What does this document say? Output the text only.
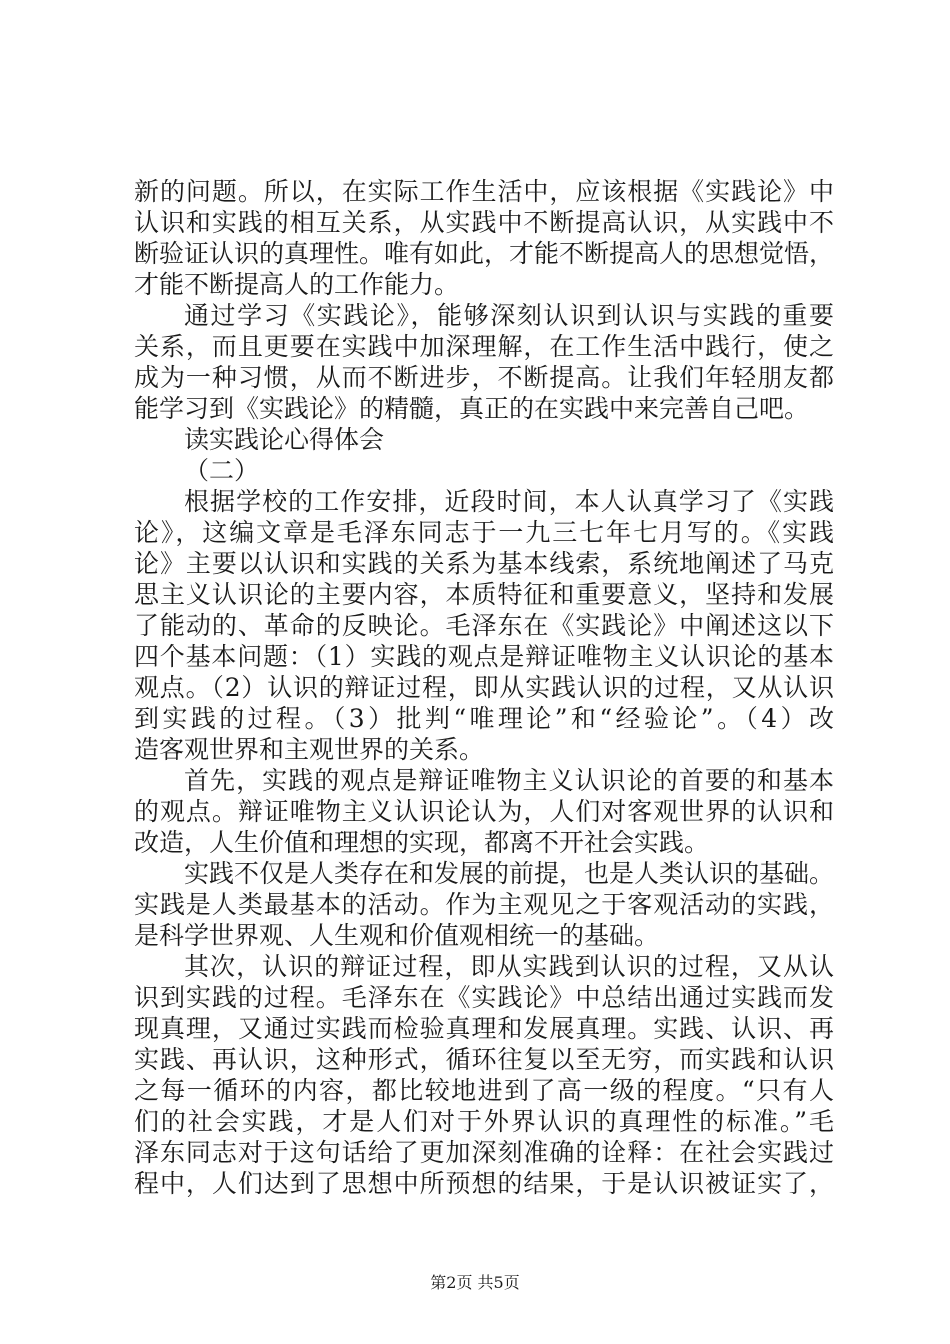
新的问题。所以，在实际工作生活中，应该根据《实践论》中
认识和实践的相互关系，从实践中不断提高认识，从实践中不
断验证认识的真理性。唯有如此，才能不断提高人的思想觉悟，
才能不断提高人的工作能力。
通过学习《实践论》，能够深刻认识到认识与实践的重要
关系，而且更要在实践中加深理解，在工作生活中践行，使之
成为一种习惯，从而不断进步，不断提高。让我们年轻朋友都
能学习到《实践论》的精髓，真正的在实践中来完善自己吧。
读实践论心得体会
（二）
根据学校的工作安排，近段时间，本人认真学习了《实践
论》，这编文章是毛泽东同志于一九三七年七月写的。《实践
论》主要以认识和实践的关系为基本线索，系统地阐述了马克
思主义认识论的主要内容，本质特征和重要意义，坚持和发展
了能动的、革命的反映论。毛泽东在《实践论》中阐述这以下
四个基本问题：（1）实践的观点是辩证唯物主义认识论的基本
观点。（2）认识的辩证过程，即从实践认识的过程，又从认识
到实践的过程。（3）批判“唯理论”和“经验论”。（4）改
造客观世界和主观世界的关系。
首先，实践的观点是辩证唯物主义认识论的首要的和基本
的观点。辩证唯物主义认识论认为，人们对客观世界的认识和
改造，人生价值和理想的实现，都离不开社会实践。
实践不仅是人类存在和发展的前提，也是人类认识的基础。
实践是人类最基本的活动。作为主观见之于客观活动的实践，
是科学世界观、人生观和价值观相统一的基础。
其次，认识的辩证过程，即从实践到认识的过程，又从认
识到实践的过程。毛泽东在《实践论》中总结出通过实践而发
现真理，又通过实践而检验真理和发展真理。实践、认识、再
实践、再认识，这种形式，循环往复以至无穷，而实践和认识
之每一循环的内容，都比较地进到了高一级的程度。“只有人
们的社会实践，才是人们对于外界认识的真理性的标准。”毛
泽东同志对于这句话给了更加深刻准确的诠释：在社会实践过
程中，人们达到了思想中所预想的结果，于是认识被证实了，
第2页 共5页
